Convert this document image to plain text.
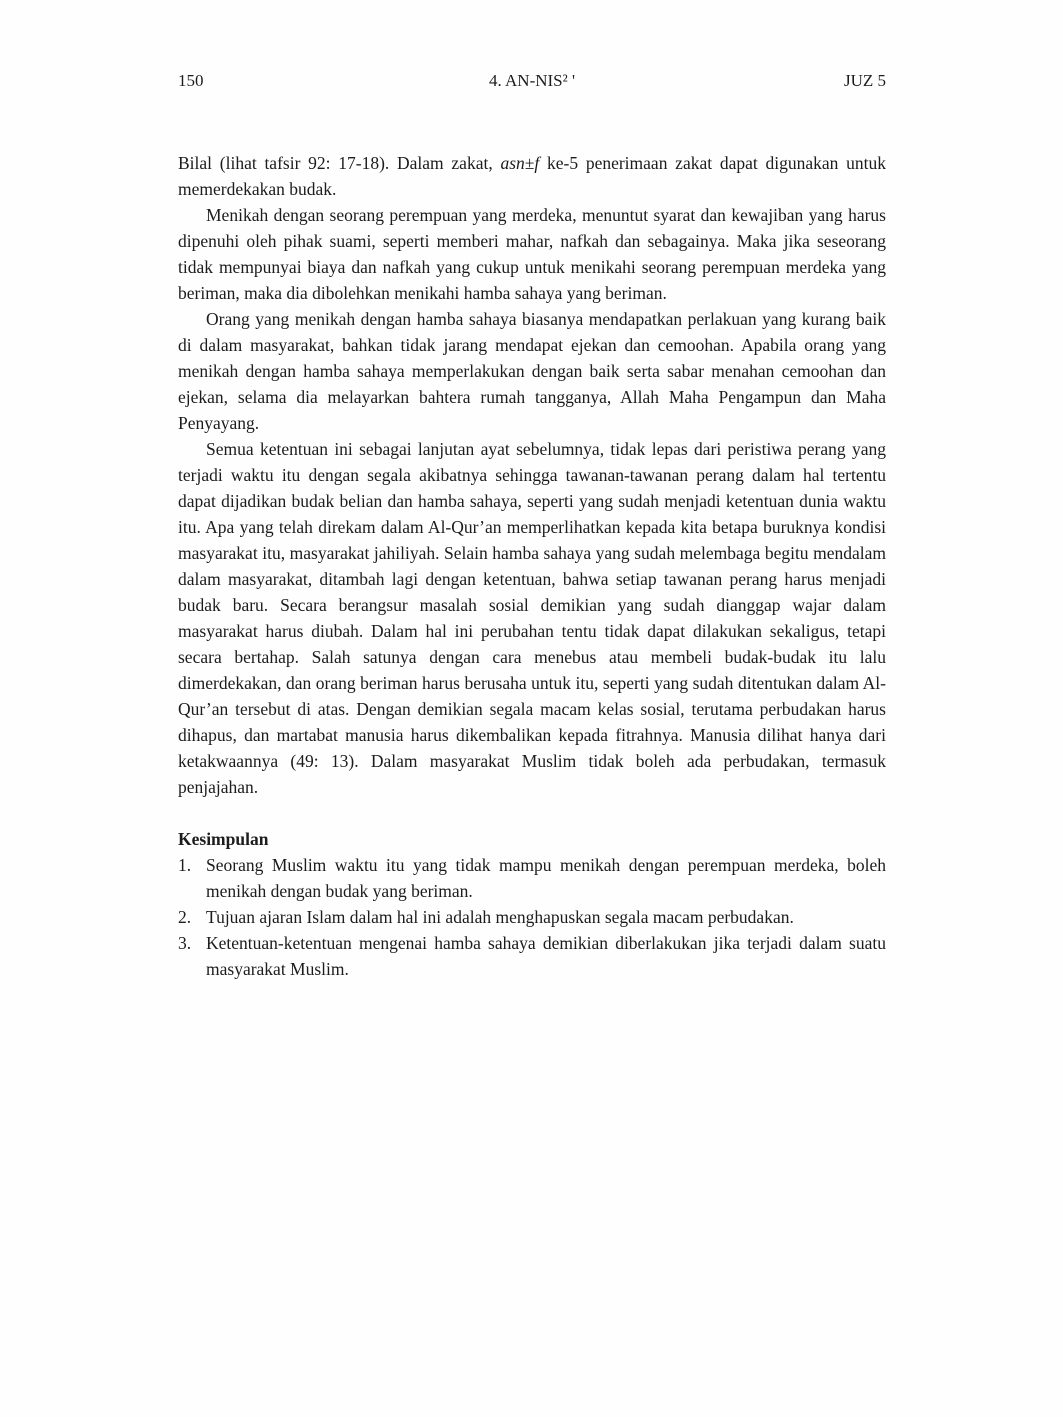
150	4. AN-NIS² '	JUZ 5

Bilal (lihat tafsir 92: 17-18). Dalam zakat, asn±f ke-5 penerimaan zakat dapat digunakan untuk memerdekakan budak.

Menikah dengan seorang perempuan yang merdeka, menuntut syarat dan kewajiban yang harus dipenuhi oleh pihak suami, seperti memberi mahar, nafkah dan sebagainya. Maka jika seseorang tidak mempunyai biaya dan nafkah yang cukup untuk menikahi seorang perempuan merdeka yang beriman, maka dia dibolehkan menikahi hamba sahaya yang beriman.

Orang yang menikah dengan hamba sahaya biasanya mendapatkan perlakuan yang kurang baik di dalam masyarakat, bahkan tidak jarang mendapat ejekan dan cemoohan. Apabila orang yang menikah dengan hamba sahaya memperlakukan dengan baik serta sabar menahan cemoohan dan ejekan, selama dia melayarkan bahtera rumah tangganya, Allah Maha Pengampun dan Maha Penyayang.

Semua ketentuan ini sebagai lanjutan ayat sebelumnya, tidak lepas dari peristiwa perang yang terjadi waktu itu dengan segala akibatnya sehingga tawanan-tawanan perang dalam hal tertentu dapat dijadikan budak belian dan hamba sahaya, seperti yang sudah menjadi ketentuan dunia waktu itu. Apa yang telah direkam dalam Al-Qur’an memperlihatkan kepada kita betapa buruknya kondisi masyarakat itu, masyarakat jahiliyah. Selain hamba sahaya yang sudah melembaga begitu mendalam dalam masyarakat, ditambah lagi dengan ketentuan, bahwa setiap tawanan perang harus menjadi budak baru. Secara berangsur masalah sosial demikian yang sudah dianggap wajar dalam masyarakat harus diubah. Dalam hal ini perubahan tentu tidak dapat dilakukan sekaligus, tetapi secara bertahap. Salah satunya dengan cara menebus atau membeli budak-budak itu lalu dimerdekakan, dan orang beriman harus berusaha untuk itu, seperti yang sudah ditentukan dalam Al-Qur’an tersebut di atas. Dengan demikian segala macam kelas sosial, terutama perbudakan harus dihapus, dan martabat manusia harus dikembalikan kepada fitrahnya. Manusia dilihat hanya dari ketakwaannya (49: 13). Dalam masyarakat Muslim tidak boleh ada perbudakan, termasuk penjajahan.

Kesimpulan
1. Seorang Muslim waktu itu yang tidak mampu menikah dengan perempuan merdeka, boleh menikah dengan budak yang beriman.
2. Tujuan ajaran Islam dalam hal ini adalah menghapuskan segala macam perbudakan.
3. Ketentuan-ketentuan mengenai hamba sahaya demikian diberlakukan jika terjadi dalam suatu masyarakat Muslim.
